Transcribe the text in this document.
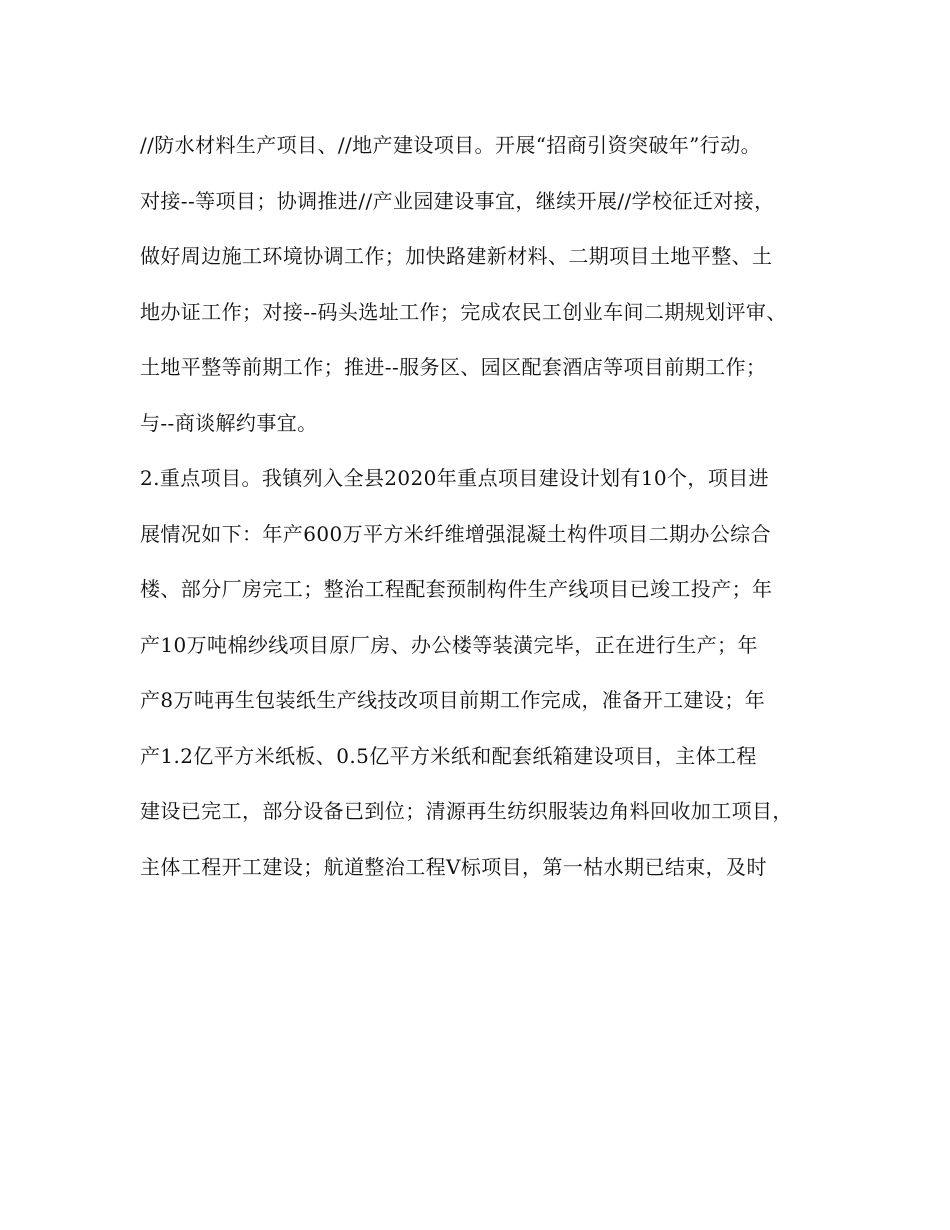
//防水材料生产项目、//地产建设项目。开展“招商引资突破年”行动。
对接--等项目；协调推进//产业园建设事宜，继续开展//学校征迁对接，
做好周边施工环境协调工作；加快路建新材料、二期项目土地平整、土
地办证工作；对接--码头选址工作；完成农民工创业车间二期规划评审、
土地平整等前期工作；推进--服务区、园区配套酒店等项目前期工作；
与--商谈解约事宜。
2.重点项目。我镇列入全县2020年重点项目建设计划有10个，项目进
展情况如下：年产600万平方米纤维增强混凝土构件项目二期办公综合
楼、部分厂房完工；整治工程配套预制构件生产线项目已竣工投产；年
产10万吨棉纱线项目原厂房、办公楼等装潢完毕，正在进行生产；年
产8万吨再生包装纸生产线技改项目前期工作完成，准备开工建设；年
产1.2亿平方米纸板、0.5亿平方米纸和配套纸箱建设项目，主体工程
建设已完工，部分设备已到位；清源再生纺织服装边角料回收加工项目，
主体工程开工建设；航道整治工程V标项目，第一枯水期已结束，及时
